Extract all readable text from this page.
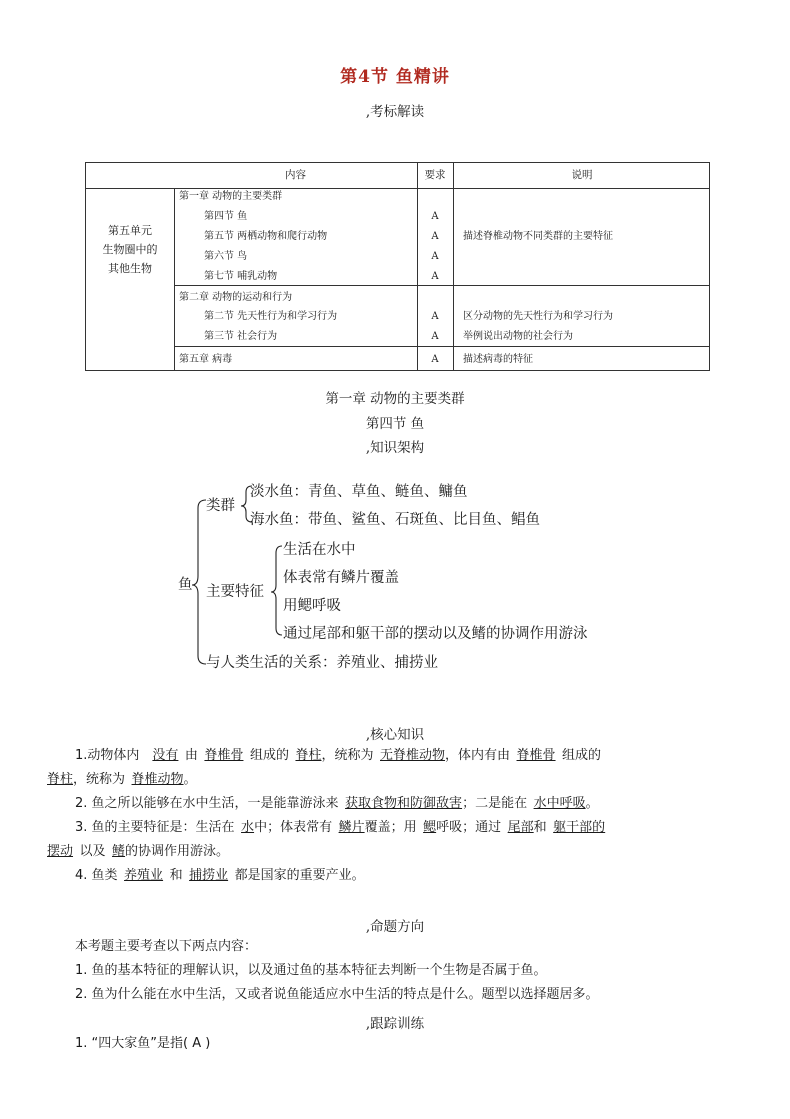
第4节 鱼精讲
,考标解读
内容	要求	说明
第五单元
生物圈中的
其他生物
第一章 动物的主要类群
第四节 鱼
第五节 两栖动物和爬行动物
第六节 鸟
第七节 哺乳动物
第二章 动物的运动和行为
第二节 先天性行为和学习行为
第三节 社会行为
第五章 病毒
A
A
A
A
A
A
A
描述脊椎动物不同类群的主要特征
区分动物的先天性行为和学习行为
举例说出动物的社会行为
描述病毒的特征
第一章 动物的主要类群
第四节 鱼
,知识架构
鱼
类群
淡水鱼：青鱼、草鱼、鲢鱼、鳙鱼
海水鱼：带鱼、鲨鱼、石斑鱼、比目鱼、鲳鱼
主要特征
生活在水中
体表常有鳞片覆盖
用鳃呼吸
通过尾部和躯干部的摆动以及鳍的协调作用游泳
与人类生活的关系：养殖业、捕捞业
,核心知识
1.动物体内  没有  由  脊椎骨  组成的  脊柱，统称为  无脊椎动物，体内有由  脊椎骨  组成的
脊柱，统称为  脊椎动物。
2. 鱼之所以能够在水中生活，一是能靠游泳来  获取食物和防御敌害；二是能在  水中呼吸。
3. 鱼的主要特征是：生活在  水中；体表常有  鳞片覆盖；用  鳃呼吸；通过  尾部和  躯干部的
摆动  以及  鳍的协调作用游泳。
4. 鱼类  养殖业  和  捕捞业  都是国家的重要产业。
,命题方向
本考题主要考查以下两点内容：
1. 鱼的基本特征的理解认识，以及通过鱼的基本特征去判断一个生物是否属于鱼。
2. 鱼为什么能在水中生活，又或者说鱼能适应水中生活的特点是什么。题型以选择题居多。
,跟踪训练
1. “四大家鱼”是指( A )
